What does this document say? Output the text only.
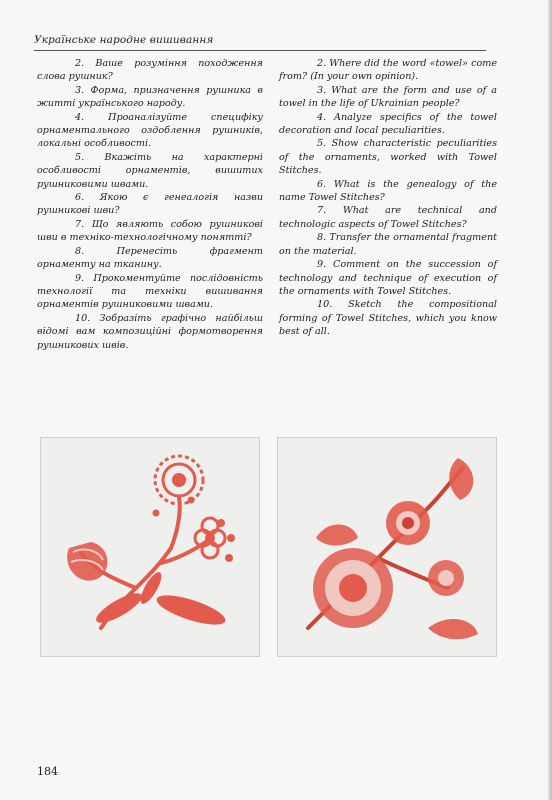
Українське народне вишивання

2. Ваше розуміння походження слова рушник?

3. Форма, призначення рушника в житті українського народу.

4. Проаналізуйте специфіку орнаментального оздоблення рушників, локальні особливості.

5. Вкажіть на характерні особливості орнаментів, вишитих рушниковими швами.

6. Якою є генеалогія назви рушникові шви?

7. Що являють собою рушникові шви в техніко-технологічному понятті?

8. Перенесіть фрагмент орнаменту на тканину.

9. Прокоментуйте послідовність технології та техніки вишивання орнаментів рушниковими швами.

10. Зобразіть графічно найбільш відомі вам композиційні формотворення рушникових швів.

2. Where did the word «towel» come from? (In your own opinion).

3. What are the form and use of a towel in the life of Ukrainian people?

4. Analyze specifics of the towel decoration and local peculiarities.

5. Show characteristic peculiarities of the ornaments, worked with Towel Stitches.

6. What is the genealogy of the name Towel Stitches?

7. What are technical and technologic aspects of Towel Stitches?

8. Transfer the ornamental fragment on the material.

9. Comment on the succession of technology and technique of execution of the ornaments with Towel Stitches.

10. Sketch the compositional forming of Towel Stitches, which you know best of all.

184
